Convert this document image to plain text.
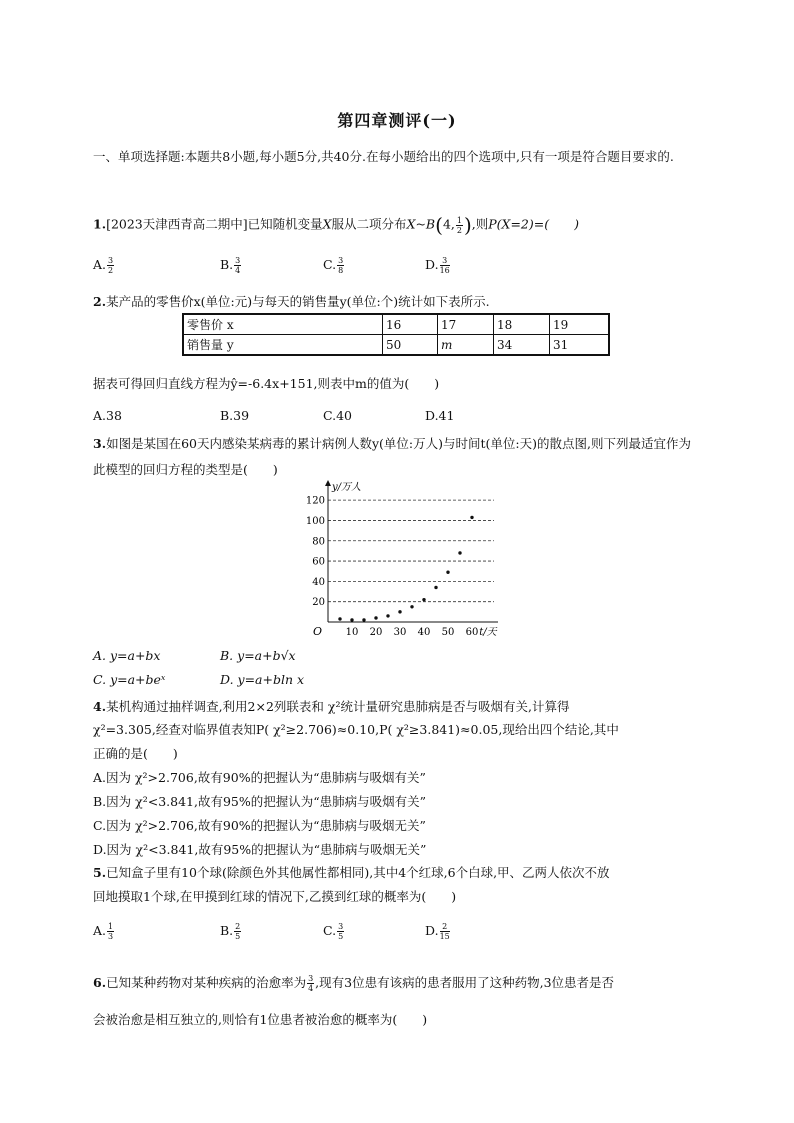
第四章测评(一)
一、单项选择题:本题共8小题,每小题5分,共40分.在每小题给出的四个选项中,只有一项是符合题目要求的.
1.[2023天津西青高二期中]已知随机变量X服从二项分布X~B(4, $\frac{1}{2}$ ),则P(X=2)=(　　)
A. $\frac{3}{2}$	B. $\frac{3}{4}$	C. $\frac{3}{8}$	D. $\frac{3}{16}$
2.某产品的零售价x(单位:元)与每天的销售量y(单位:个)统计如下表所示.
零售价 x	16	17	18	19
销售量 y	50	m	34	31
据表可得回归直线方程为ŷ=-6.4x+151,则表中m的值为(　　)
A.38	B.39	C.40	D.41
3.如图是某国在60天内感染某病毒的累计病例人数y(单位:万人)与时间t(单位:天)的散点图,则下列最适宜作为此模型的回归方程的类型是(　　)
y/万人
O	t/天
20
40
60
80
100
120
10 20 30 40 50 60
A. y=a+bx	B. y=a+b√x
C. y=a+beˣ	D. y=a+bln x
4.某机构通过抽样调查,利用2×2列联表和 χ²统计量研究患肺病是否与吸烟有关,计算得
χ²=3.305,经查对临界值表知P( χ²≥2.706)≈0.10,P( χ²≥3.841)≈0.05,现给出四个结论,其中
正确的是(　　)
A.因为 χ²>2.706,故有90%的把握认为“患肺病与吸烟有关”
B.因为 χ²<3.841,故有95%的把握认为“患肺病与吸烟有关”
C.因为 χ²>2.706,故有90%的把握认为“患肺病与吸烟无关”
D.因为 χ²<3.841,故有95%的把握认为“患肺病与吸烟无关”
5.已知盒子里有10个球(除颜色外其他属性都相同),其中4个红球,6个白球,甲、乙两人依次不放
回地摸取1个球,在甲摸到红球的情况下,乙摸到红球的概率为(　　)
A. $\frac{1}{3}$	B. $\frac{2}{5}$	C. $\frac{3}{5}$	D. $\frac{2}{15}$
6.已知某种药物对某种疾病的治愈率为 $\frac{3}{4}$ ,现有3位患有该病的患者服用了这种药物,3位患者是否
会被治愈是相互独立的,则恰有1位患者被治愈的概率为(　　)
